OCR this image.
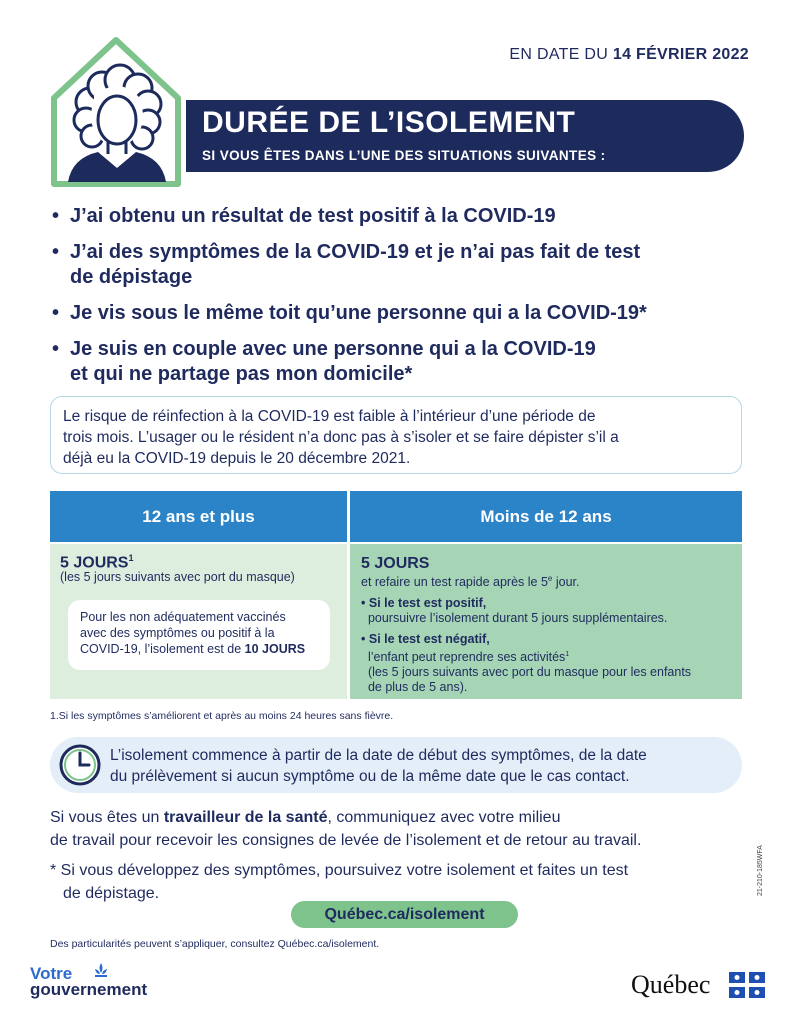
EN DATE DU 14 FÉVRIER 2022
DURÉE DE L’ISOLEMENT
SI VOUS ÊTES DANS L’UNE DES SITUATIONS SUIVANTES :
• J’ai obtenu un résultat de test positif à la COVID-19
• J’ai des symptômes de la COVID-19 et je n’ai pas fait de test
de dépistage
• Je vis sous le même toit qu’une personne qui a la COVID-19*
• Je suis en couple avec une personne qui a la COVID-19
et qui ne partage pas mon domicile*
Le risque de réinfection à la COVID-19 est faible à l’intérieur d’une période de
trois mois. L’usager ou le résident n’a donc pas à s’isoler et se faire dépister s’il a
déjà eu la COVID-19 depuis le 20 décembre 2021.
12 ans et plus	Moins de 12 ans
5 JOURS$^1$
(les 5 jours suivants avec port du masque)
Pour les non adéquatement vaccinés
avec des symptômes ou positif à la
COVID-19, l’isolement est de 10 JOURS
5 JOURS
et refaire un test rapide après le 5e jour.
• Si le test est positif,
poursuivre l’isolement durant 5 jours supplémentaires.
• Si le test est négatif,
l’enfant peut reprendre ses activités$^1$
(les 5 jours suivants avec port du masque pour les enfants
de plus de 5 ans).
1.Si les symptômes s’améliorent et après au moins 24 heures sans fièvre.
L’isolement commence à partir de la date de début des symptômes, de la date
du prélèvement si aucun symptôme ou de la même date que le cas contact.
Si vous êtes un travailleur de la santé, communiquez avec votre milieu
de travail pour recevoir les consignes de levée de l’isolement et de retour au travail.
* Si vous développez des symptômes, poursuivez votre isolement et faites un test
de dépistage.
Québec.ca/isolement
Des particularités peuvent s’appliquer, consultez Québec.ca/isolement.
21-210-185WFA
Votre
gouvernement	Québec
